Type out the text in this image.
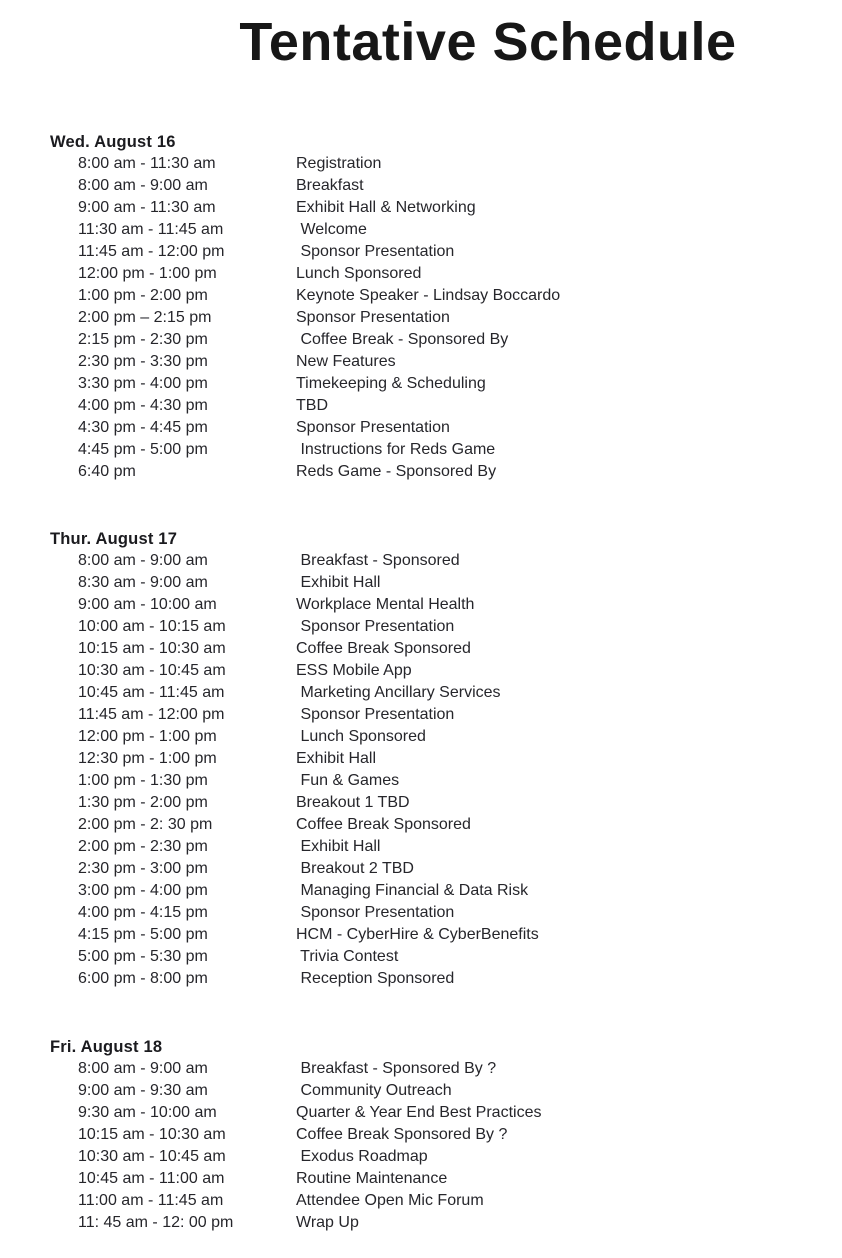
Tentative Schedule
Wed. August 16
8:00 am - 11:30 am	Registration
8:00 am - 9:00 am	Breakfast
9:00 am - 11:30 am	Exhibit Hall & Networking
11:30 am - 11:45 am	Welcome
11:45 am - 12:00 pm	Sponsor Presentation
12:00 pm - 1:00 pm	Lunch Sponsored
1:00 pm - 2:00 pm	Keynote Speaker - Lindsay Boccardo
2:00 pm – 2:15 pm	Sponsor Presentation
2:15 pm - 2:30 pm	Coffee Break - Sponsored By
2:30 pm - 3:30 pm	New Features
3:30 pm - 4:00 pm	Timekeeping & Scheduling
4:00 pm - 4:30 pm	TBD
4:30 pm - 4:45 pm	Sponsor Presentation
4:45 pm - 5:00 pm	Instructions for Reds Game
6:40 pm	Reds Game - Sponsored By
Thur. August 17
8:00 am - 9:00 am	Breakfast - Sponsored
8:30 am - 9:00 am	Exhibit Hall
9:00 am - 10:00 am	Workplace Mental Health
10:00 am - 10:15 am	Sponsor Presentation
10:15 am - 10:30 am	Coffee Break Sponsored
10:30 am - 10:45 am	ESS Mobile App
10:45 am - 11:45 am	Marketing Ancillary Services
11:45 am - 12:00 pm	Sponsor Presentation
12:00 pm - 1:00 pm	Lunch Sponsored
12:30 pm - 1:00 pm	Exhibit Hall
1:00 pm - 1:30 pm	Fun & Games
1:30 pm - 2:00 pm	Breakout 1 TBD
2:00 pm - 2: 30 pm	Coffee Break Sponsored
2:00 pm - 2:30 pm	Exhibit Hall
2:30 pm - 3:00 pm	Breakout 2 TBD
3:00 pm - 4:00 pm	Managing Financial & Data Risk
4:00 pm - 4:15 pm	Sponsor Presentation
4:15 pm - 5:00 pm	HCM - CyberHire & CyberBenefits
5:00 pm - 5:30 pm	Trivia Contest
6:00 pm - 8:00 pm	Reception Sponsored
Fri. August 18
8:00 am - 9:00 am	Breakfast - Sponsored By ?
9:00 am - 9:30 am	Community Outreach
9:30 am - 10:00 am	Quarter & Year End Best Practices
10:15 am - 10:30 am	Coffee Break Sponsored By ?
10:30 am - 10:45 am	Exodus Roadmap
10:45 am - 11:00 am	Routine Maintenance
11:00 am - 11:45 am	Attendee Open Mic Forum
11: 45 am - 12: 00 pm	Wrap Up
